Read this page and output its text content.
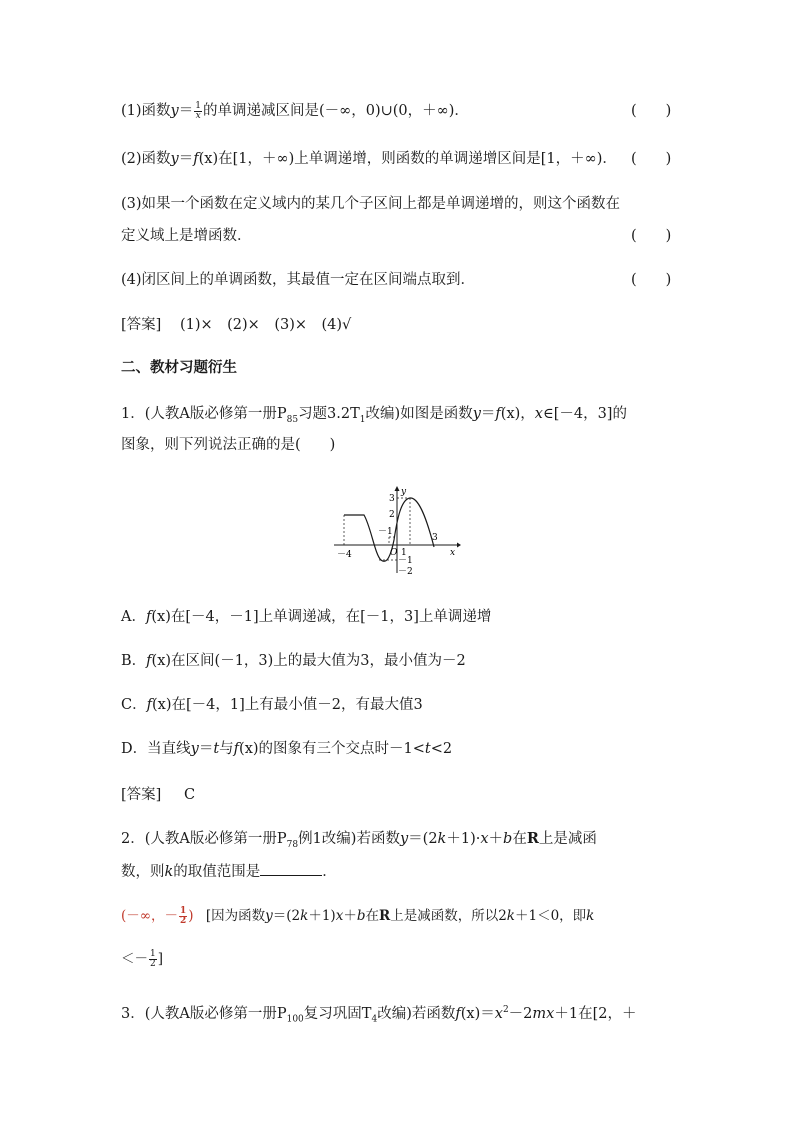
(1)函数$y= \frac{1}{x}$ 的单调递减区间是(－∞，0)∪(0，＋∞)．	(　　)
(2)函数y＝f(x)在[1，＋∞)上单调递增，则函数的单调递增区间是[1，＋∞)． (　　)
(3)如果一个函数在定义域内的某几个子区间上都是单调递增的，则这个函数在
定义域上是增函数．	(　　)
(4)闭区间上的单调函数，其最值一定在区间端点取到．	(　　)
[答案] (1)×　(2)×　(3)×　(4)√
二、教材习题衍生
1．(人教A版必修第一册$P_{85}$习题$3.2T_1$改编)如图是函数y＝f(x)，x∈[－4，3]的
图象，则下列说法正确的是(　　)
－4
－1
O 1
3
3
2
－1
－2
x
y
A．f(x)在[－4，－1]上单调递减，在[－1，3]上单调递增
B．f(x)在区间(－1，3)上的最大值为3，最小值为－2
C．f(x)在[－4，1]上有最小值－2，有最大值3
D．当直线y＝t与f(x)的图象有三个交点时－1<t<2
[答案] C
2．(人教A版必修第一册$P_{78}$例1改编)若函数y＝(2k＋1)·x＋b在R上是减函
数，则k的取值范围是	．
(－∞，－ $\frac{1}{2}$ ) [因为函数y＝(2k＋1)x＋b在R上是减函数，所以2k＋1＜0，即k
＜－ $\frac{1}{2}$ ]
3．(人教A版必修第一册$P_{100}$复习巩固$T_4$改编)若函数$f(x)=x^2-2mx+1$在[2，＋
